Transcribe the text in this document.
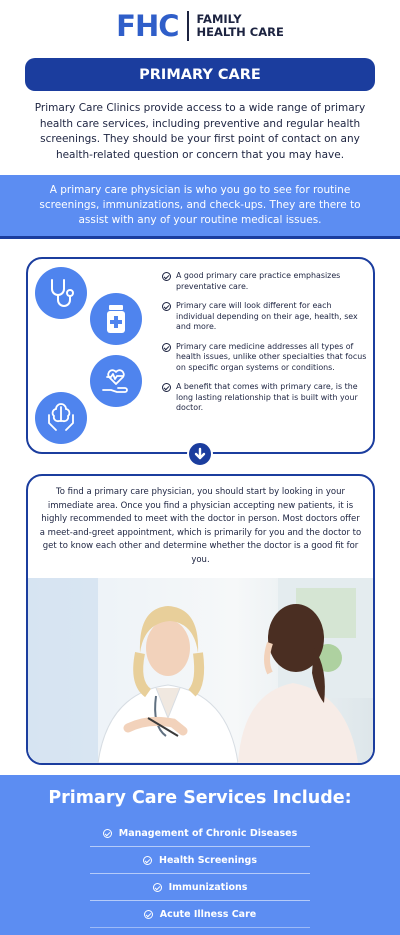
FHC FAMILY
HEALTH CARE
PRIMARY CARE

Primary Care Clinics provide access to a wide range of primary health care services, including preventive and regular health screenings. They should be your first point of contact on any health-related question or concern that you may have.

A primary care physician is who you go to see for routine screenings, immunizations, and check-ups. They are there to assist with any of your routine medical issues.
A good primary care practice emphasizes preventative care.
Primary care will look different for each individual depending on their age, health, sex and more.
Primary care medicine addresses all types of health issues, unlike other specialties that focus on specific organ systems or conditions.
A benefit that comes with primary care, is the long lasting relationship that is built with your doctor.

To find a primary care physician, you should start by looking in your immediate area. Once you find a physician accepting new patients, it is highly recommended to meet with the doctor in person. Most doctors offer a meet-and-greet appointment, which is primarily for you and the doctor to get to know each other and determine whether the doctor is a good fit for you.

Primary Care Services Include:
Management of Chronic Diseases
Health Screenings
Immunizations
Acute Illness Care
